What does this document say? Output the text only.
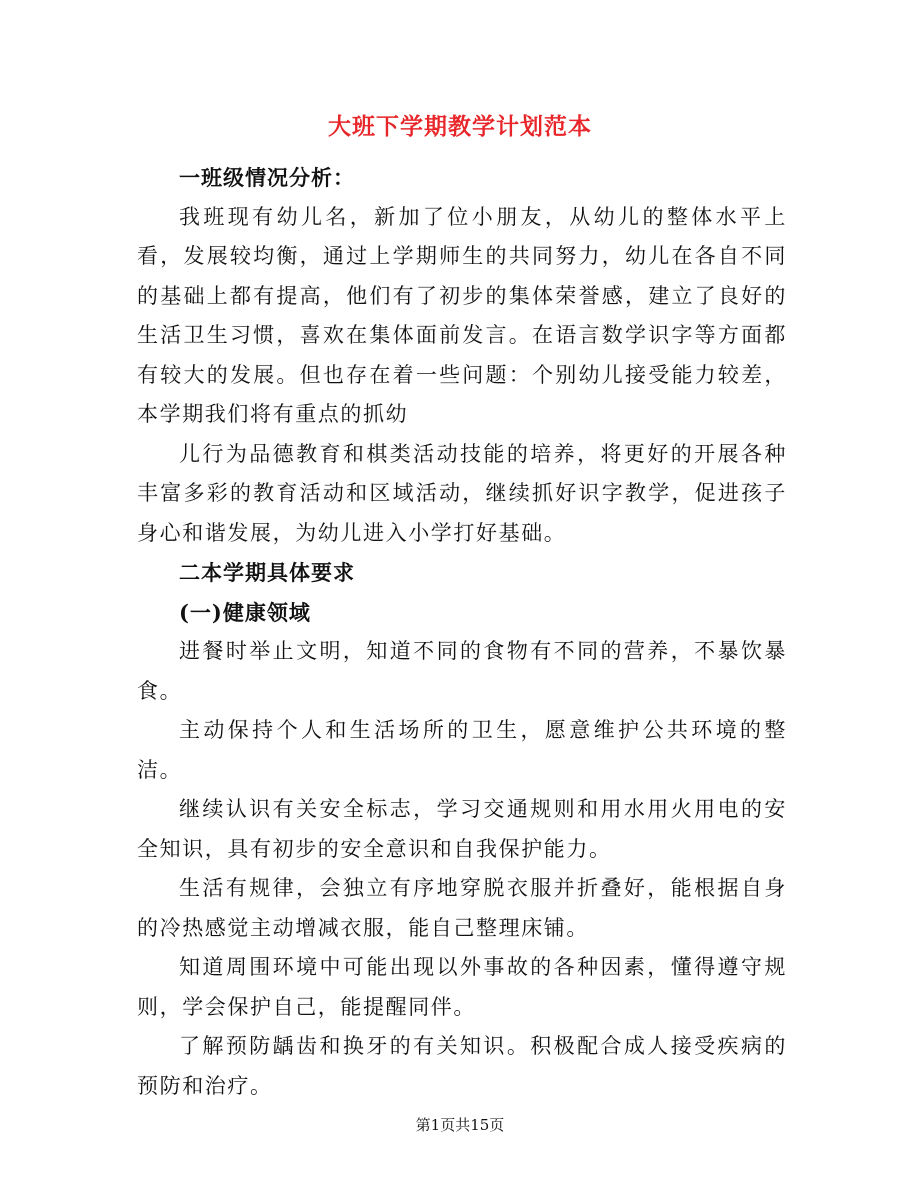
大班下学期教学计划范本

一班级情况分析：

我班现有幼儿名，新加了位小朋友，从幼儿的整体水平上看，发展较均衡，通过上学期师生的共同努力，幼儿在各自不同的基础上都有提高，他们有了初步的集体荣誉感，建立了良好的生活卫生习惯，喜欢在集体面前发言。在语言数学识字等方面都有较大的发展。但也存在着一些问题：个别幼儿接受能力较差，本学期我们将有重点的抓幼

儿行为品德教育和棋类活动技能的培养，将更好的开展各种丰富多彩的教育活动和区域活动，继续抓好识字教学，促进孩子身心和谐发展，为幼儿进入小学打好基础。

二本学期具体要求

(一)健康领域

进餐时举止文明，知道不同的食物有不同的营养，不暴饮暴食。

主动保持个人和生活场所的卫生，愿意维护公共环境的整洁。

继续认识有关安全标志，学习交通规则和用水用火用电的安全知识，具有初步的安全意识和自我保护能力。

生活有规律，会独立有序地穿脱衣服并折叠好，能根据自身的冷热感觉主动增减衣服，能自己整理床铺。

知道周围环境中可能出现以外事故的各种因素，懂得遵守规则，学会保护自己，能提醒同伴。

了解预防龋齿和换牙的有关知识。积极配合成人接受疾病的预防和治疗。

第1页共15页
